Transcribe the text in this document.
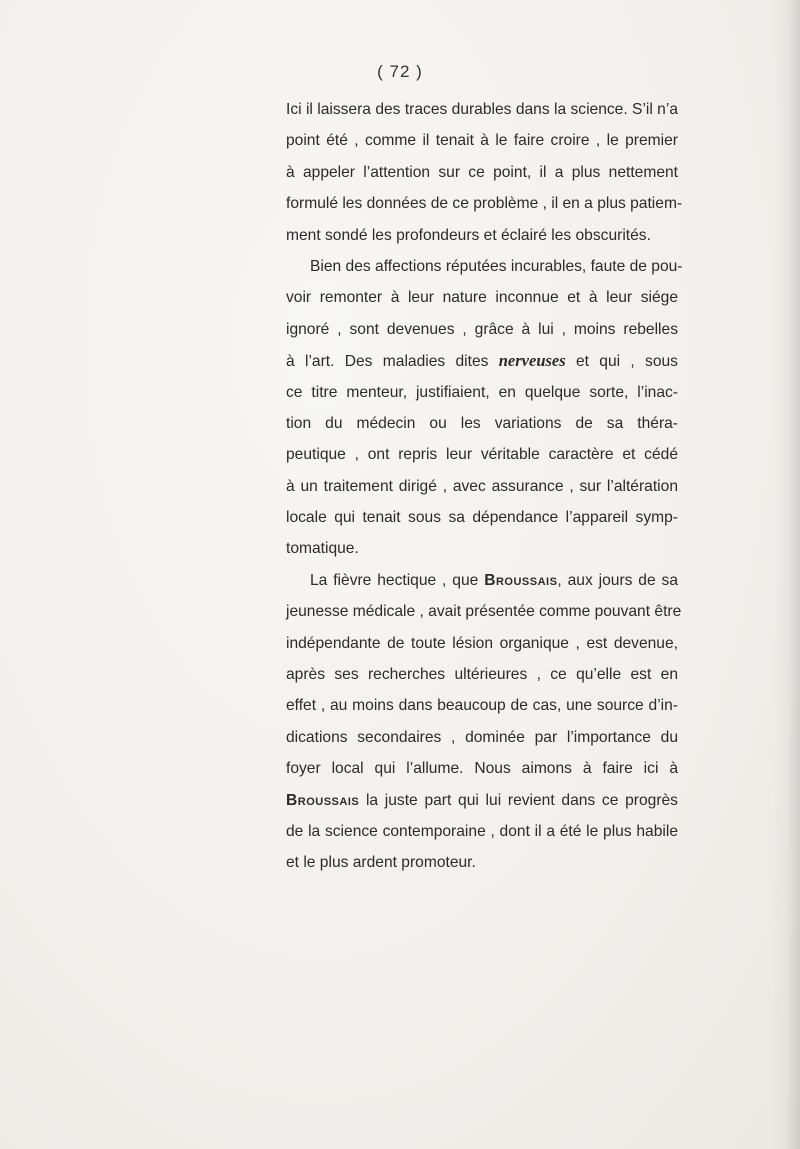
( 72 )
Ici il laissera des traces durables dans la science. S’il n’a
point été , comme il tenait à le faire croire , le premier
à appeler l’attention sur ce point, il a plus nettement
formulé les données de ce problème , il en a plus patiem-
ment sondé les profondeurs et éclairé les obscurités.
Bien des affections réputées incurables, faute de pou-
voir remonter à leur nature inconnue et à leur siége
ignoré , sont devenues , grâce à lui , moins rebelles
à l’art. Des maladies dites nerveuses et qui , sous
ce titre menteur, justifiaient, en quelque sorte, l’inac-
tion du médecin ou les variations de sa théra-
peutique , ont repris leur véritable caractère et cédé
à un traitement dirigé , avec assurance , sur l’altération
locale qui tenait sous sa dépendance l’appareil symp-
tomatique.
La fièvre hectique , que Broussais, aux jours de sa
jeunesse médicale , avait présentée comme pouvant être
indépendante de toute lésion organique , est devenue,
après ses recherches ultérieures , ce qu’elle est en
effet , au moins dans beaucoup de cas, une source d’in-
dications secondaires , dominée par l’importance du
foyer local qui l’allume. Nous aimons à faire ici à
Broussais la juste part qui lui revient dans ce progrès
de la science contemporaine , dont il a été le plus habile
et le plus ardent promoteur.
